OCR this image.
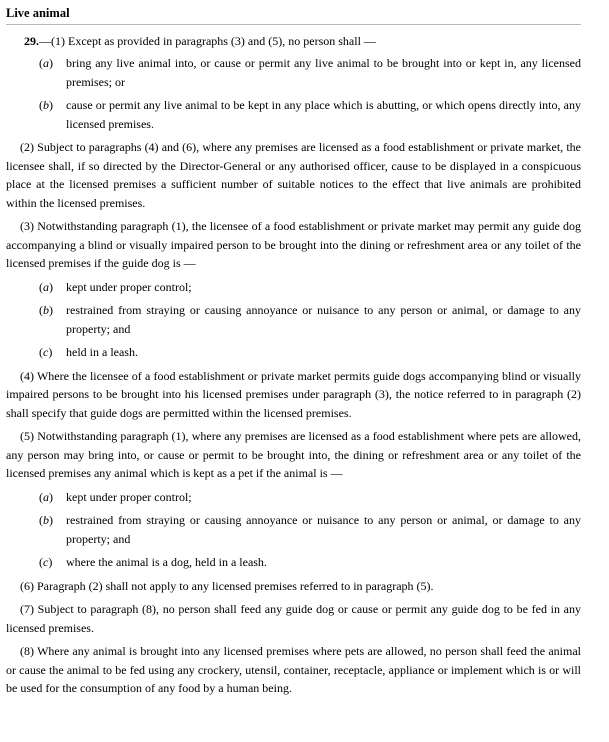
Live animal
29.—(1) Except as provided in paragraphs (3) and (5), no person shall —
(a)	bring any live animal into, or cause or permit any live animal to be brought into or kept in, any licensed premises; or
(b)	cause or permit any live animal to be kept in any place which is abutting, or which opens directly into, any licensed premises.
(2) Subject to paragraphs (4) and (6), where any premises are licensed as a food establishment or private market, the licensee shall, if so directed by the Director-General or any authorised officer, cause to be displayed in a conspicuous place at the licensed premises a sufficient number of suitable notices to the effect that live animals are prohibited within the licensed premises.
(3) Notwithstanding paragraph (1), the licensee of a food establishment or private market may permit any guide dog accompanying a blind or visually impaired person to be brought into the dining or refreshment area or any toilet of the licensed premises if the guide dog is —
(a)	kept under proper control;
(b)	restrained from straying or causing annoyance or nuisance to any person or animal, or damage to any property; and
(c)	held in a leash.
(4) Where the licensee of a food establishment or private market permits guide dogs accompanying blind or visually impaired persons to be brought into his licensed premises under paragraph (3), the notice referred to in paragraph (2) shall specify that guide dogs are permitted within the licensed premises.
(5) Notwithstanding paragraph (1), where any premises are licensed as a food establishment where pets are allowed, any person may bring into, or cause or permit to be brought into, the dining or refreshment area or any toilet of the licensed premises any animal which is kept as a pet if the animal is —
(a)	kept under proper control;
(b)	restrained from straying or causing annoyance or nuisance to any person or animal, or damage to any property; and
(c)	where the animal is a dog, held in a leash.
(6) Paragraph (2) shall not apply to any licensed premises referred to in paragraph (5).
(7) Subject to paragraph (8), no person shall feed any guide dog or cause or permit any guide dog to be fed in any licensed premises.
(8) Where any animal is brought into any licensed premises where pets are allowed, no person shall feed the animal or cause the animal to be fed using any crockery, utensil, container, receptacle, appliance or implement which is or will be used for the consumption of any food by a human being.
